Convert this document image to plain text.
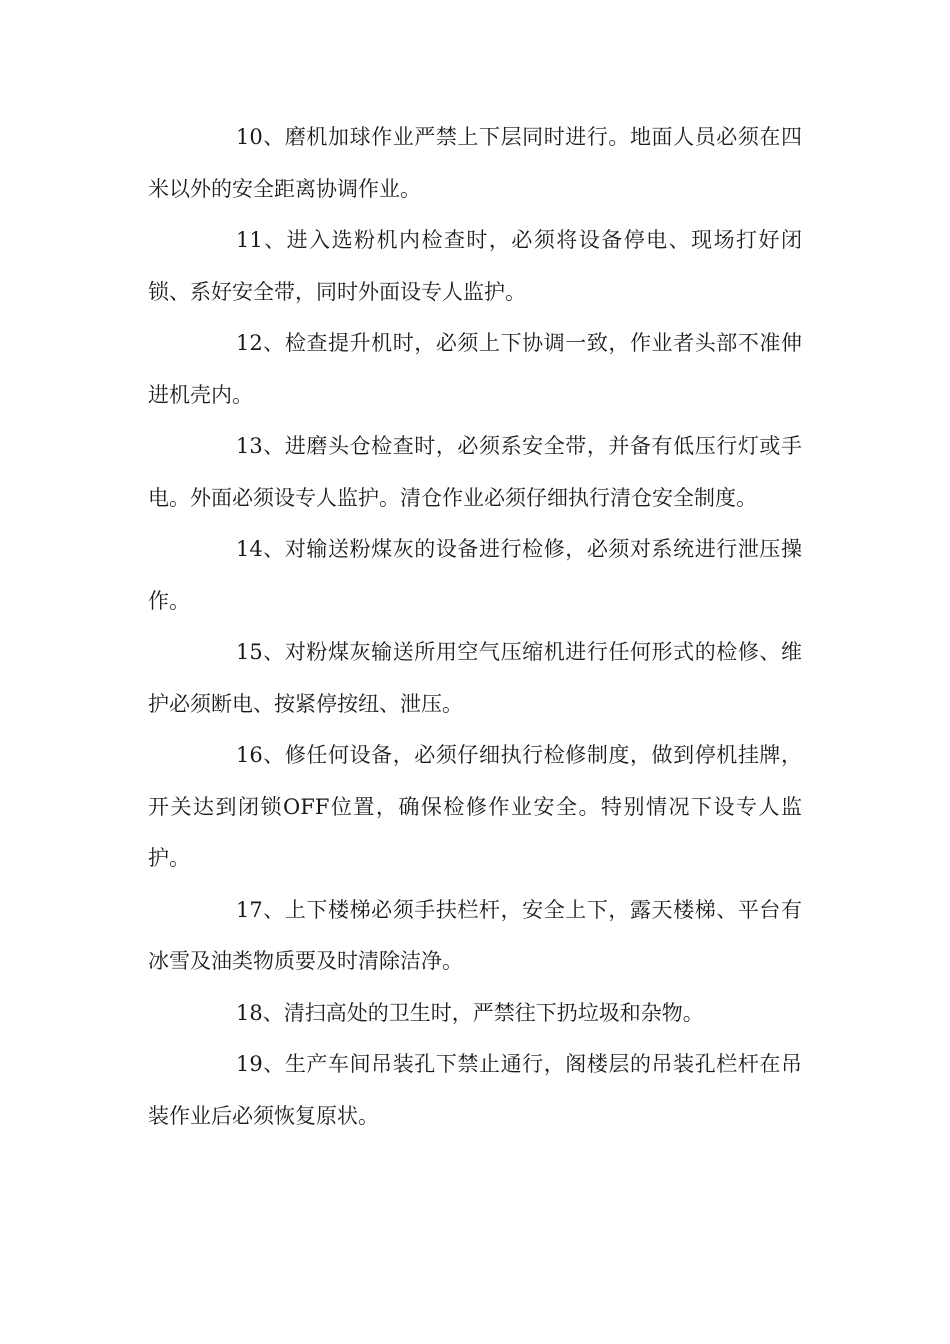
10、磨机加球作业严禁上下层同时进行。地面人员必须在四米以外的安全距离协调作业。

11、进入选粉机内检查时，必须将设备停电、现场打好闭锁、系好安全带，同时外面设专人监护。

12、检查提升机时，必须上下协调一致，作业者头部不准伸进机壳内。

13、进磨头仓检查时，必须系安全带，并备有低压行灯或手电。外面必须设专人监护。清仓作业必须仔细执行清仓安全制度。

14、对输送粉煤灰的设备进行检修，必须对系统进行泄压操作。

15、对粉煤灰输送所用空气压缩机进行任何形式的检修、维护必须断电、按紧停按纽、泄压。

16、修任何设备，必须仔细执行检修制度，做到停机挂牌，开关达到闭锁OFF位置，确保检修作业安全。特别情况下设专人监护。

17、上下楼梯必须手扶栏杆，安全上下，露天楼梯、平台有冰雪及油类物质要及时清除洁净。

18、清扫高处的卫生时，严禁往下扔垃圾和杂物。

19、生产车间吊装孔下禁止通行，阁楼层的吊装孔栏杆在吊装作业后必须恢复原状。
